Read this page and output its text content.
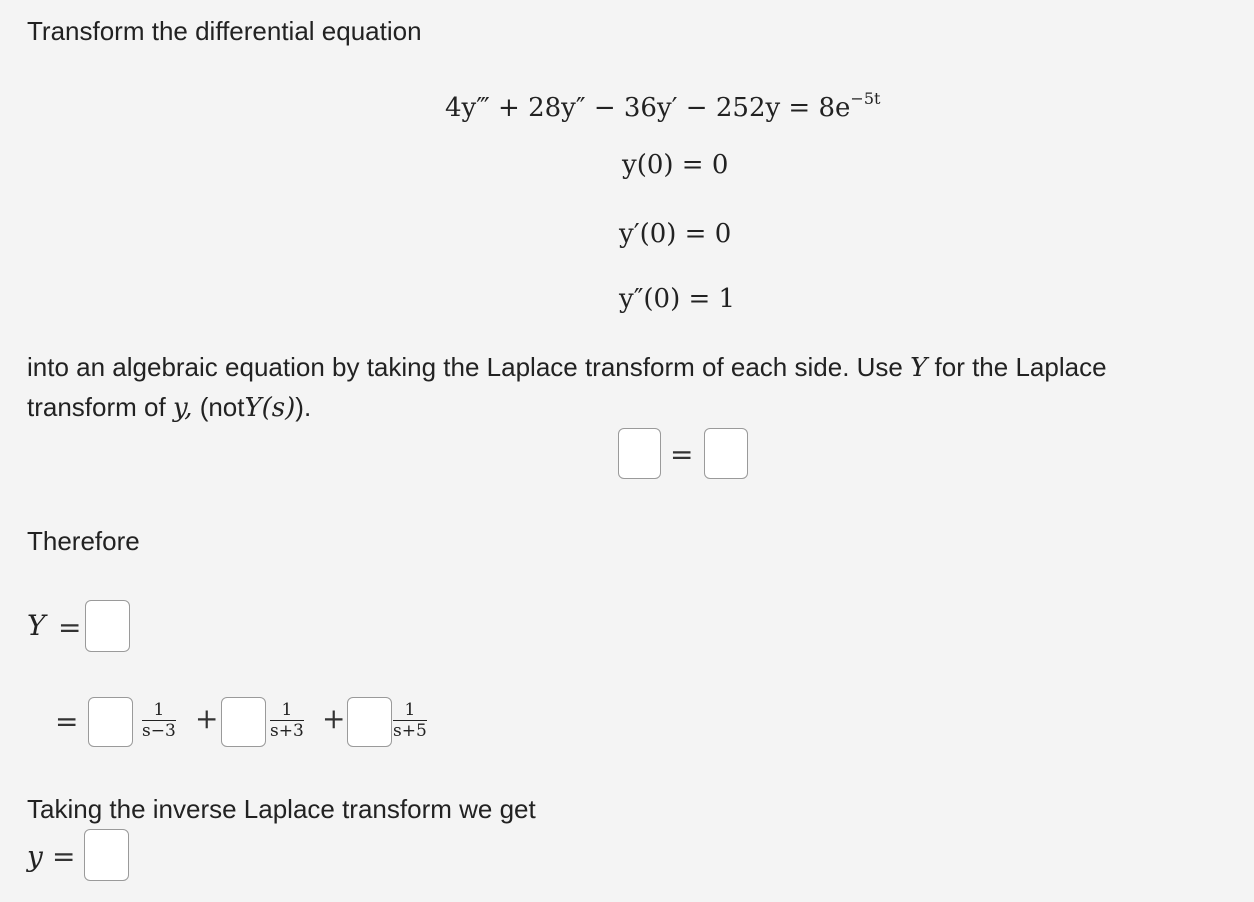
Transform the differential equation
4y‴ + $28y'' - 36y' - 252y = 8e^{-5t}$
y(0) = 0
y′(0) = 0
y″(0) = 1
into an algebraic equation by taking the Laplace transform of each side. Use Y for the Laplace
transform of y, (notY(s)).
=
Therefore
Y =
=	$\frac{1}{s-3}$ +	$\frac{1}{s+3}$ +	$\frac{1}{s+5}$
Taking the inverse Laplace transform we get
y =
